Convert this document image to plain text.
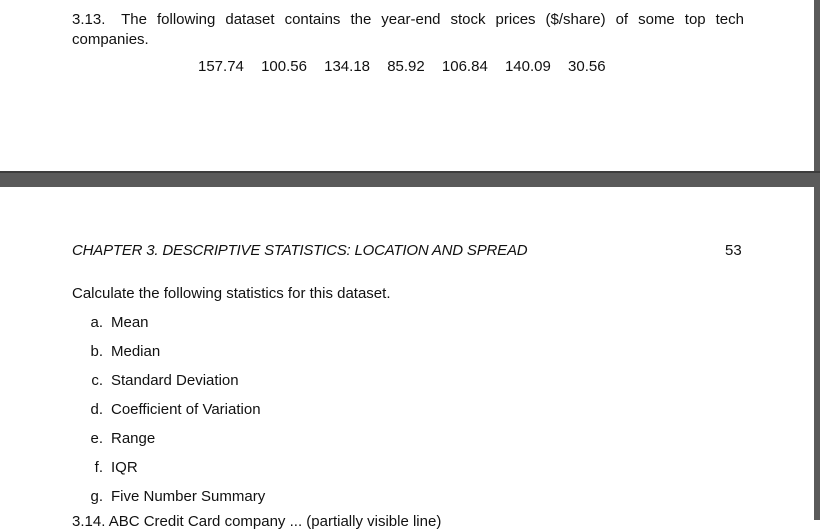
3.13. The following dataset contains the year-end stock prices ($/share) of some top tech companies.
157.74 100.56 134.18 85.92 106.84 140.09 30.56
CHAPTER 3. DESCRIPTIVE STATISTICS: LOCATION AND SPREAD	53
Calculate the following statistics for this dataset.
a. Mean
b. Median
c. Standard Deviation
d. Coefficient of Variation
e. Range
f. IQR
g. Five Number Summary
3.14. ABC Credit Card company ... (partially visible line)
